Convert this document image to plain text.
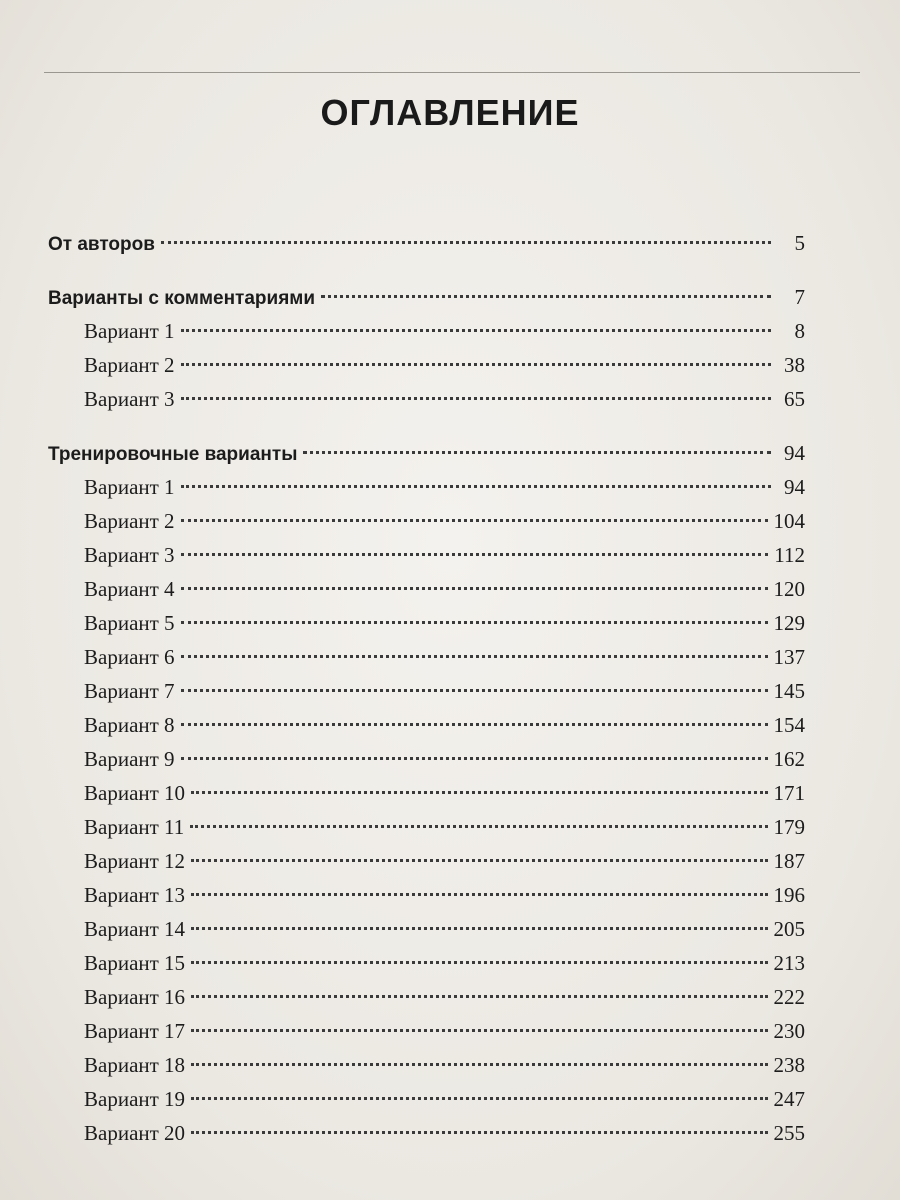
ОГЛАВЛЕНИЕ
От авторов	5
Варианты с комментариями	7
Вариант 1	8
Вариант 2	38
Вариант 3	65
Тренировочные варианты	94
Вариант 1	94
Вариант 2	104
Вариант 3	112
Вариант 4	120
Вариант 5	129
Вариант 6	137
Вариант 7	145
Вариант 8	154
Вариант 9	162
Вариант 10	171
Вариант 11	179
Вариант 12	187
Вариант 13	196
Вариант 14	205
Вариант 15	213
Вариант 16	222
Вариант 17	230
Вариант 18	238
Вариант 19	247
Вариант 20	255
